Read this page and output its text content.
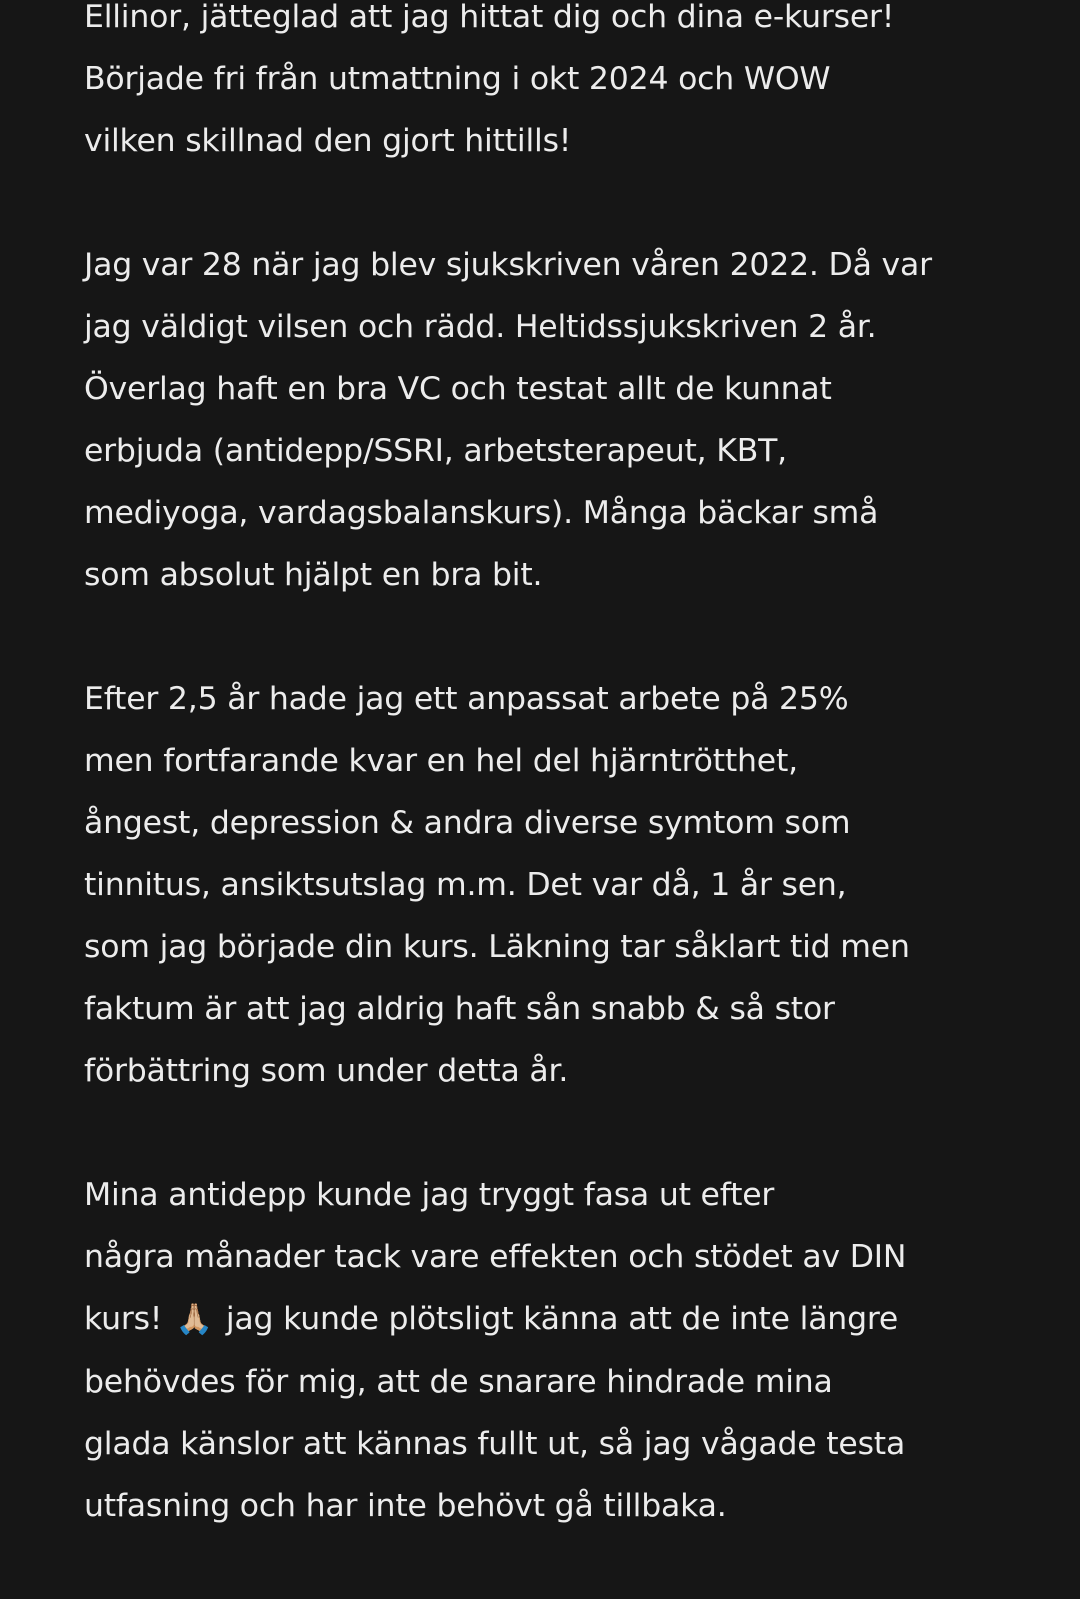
Ellinor, jätteglad att jag hittat dig och dina e-kurser!
Började fri från utmattning i okt 2024 och WOW
vilken skillnad den gjort hittills!
Jag var 28 när jag blev sjukskriven våren 2022. Då var
jag väldigt vilsen och rädd. Heltidssjukskriven 2 år.
Överlag haft en bra VC och testat allt de kunnat
erbjuda (antidepp/SSRI, arbetsterapeut, KBT,
mediyoga, vardagsbalanskurs). Många bäckar små
som absolut hjälpt en bra bit.
Efter 2,5 år hade jag ett anpassat arbete på 25%
men fortfarande kvar en hel del hjärntrötthet,
ångest, depression & andra diverse symtom som
tinnitus, ansiktsutslag m.m. Det var då, 1 år sen,
som jag började din kurs. Läkning tar såklart tid men
faktum är att jag aldrig haft sån snabb & så stor
förbättring som under detta år.
Mina antidepp kunde jag tryggt fasa ut efter
några månader tack vare effekten och stödet av DIN
kurs! 🙏🏼 jag kunde plötsligt känna att de inte längre
behövdes för mig, att de snarare hindrade mina
glada känslor att kännas fullt ut, så jag vågade testa
utfasning och har inte behövt gå tillbaka.
